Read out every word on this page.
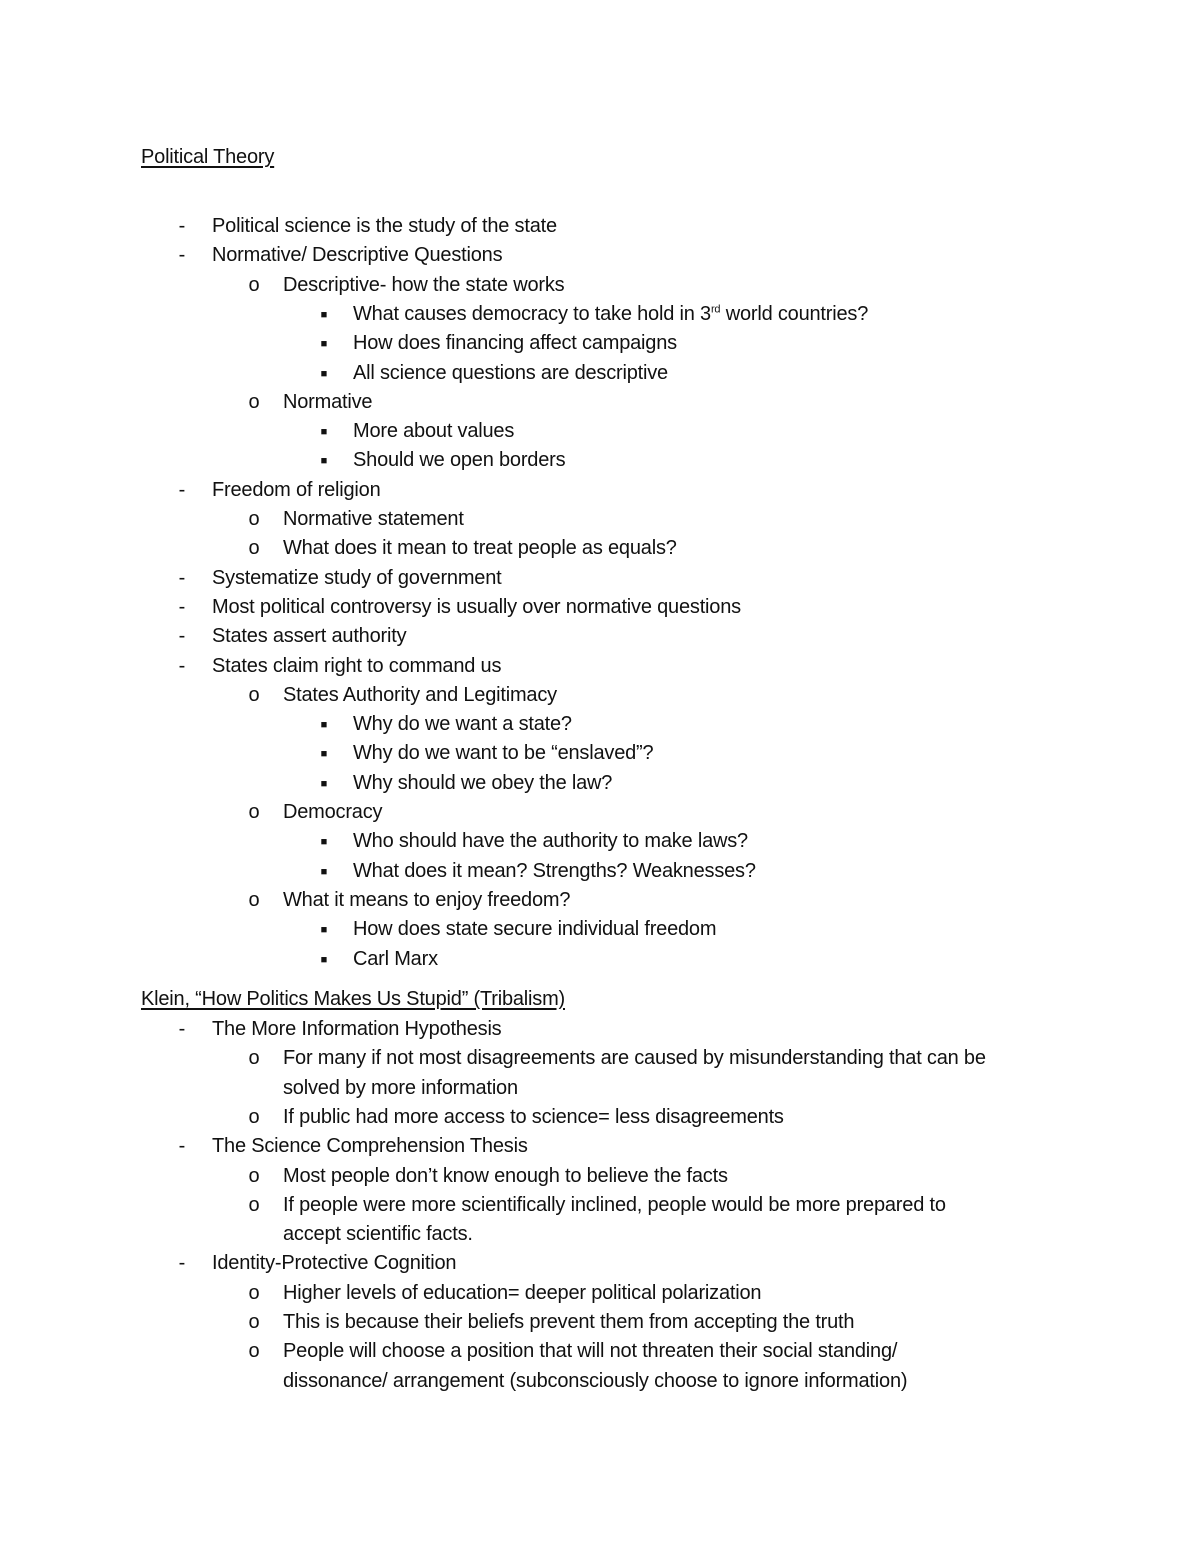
Political Theory
-	Political science is the study of the state
-	Normative/ Descriptive Questions
o Descriptive- how the state works
■	What causes democracy to take hold in 3rd world countries?
■	How does financing affect campaigns
■	All science questions are descriptive
o Normative
■	More about values
■	Should we open borders
-	Freedom of religion
o Normative statement
o What does it mean to treat people as equals?
-	Systematize study of government
-	Most political controversy is usually over normative questions
-	States assert authority
-	States claim right to command us
o States Authority and Legitimacy
■	Why do we want a state?
■	Why do we want to be “enslaved”?
■	Why should we obey the law?
o Democracy
■	Who should have the authority to make laws?
■	What does it mean? Strengths? Weaknesses?
o What it means to enjoy freedom?
■	How does state secure individual freedom
■	Carl Marx
Klein, “How Politics Makes Us Stupid” (Tribalism)
-	The More Information Hypothesis
o For many if not most disagreements are caused by misunderstanding that can be
solved by more information
o If public had more access to science= less disagreements
-	The Science Comprehension Thesis
o Most people don’t know enough to believe the facts
o If people were more scientifically inclined, people would be more prepared to
accept scientific facts.
-	Identity-Protective Cognition
o Higher levels of education= deeper political polarization
o This is because their beliefs prevent them from accepting the truth
o People will choose a position that will not threaten their social standing/
dissonance/ arrangement (subconsciously choose to ignore information)
